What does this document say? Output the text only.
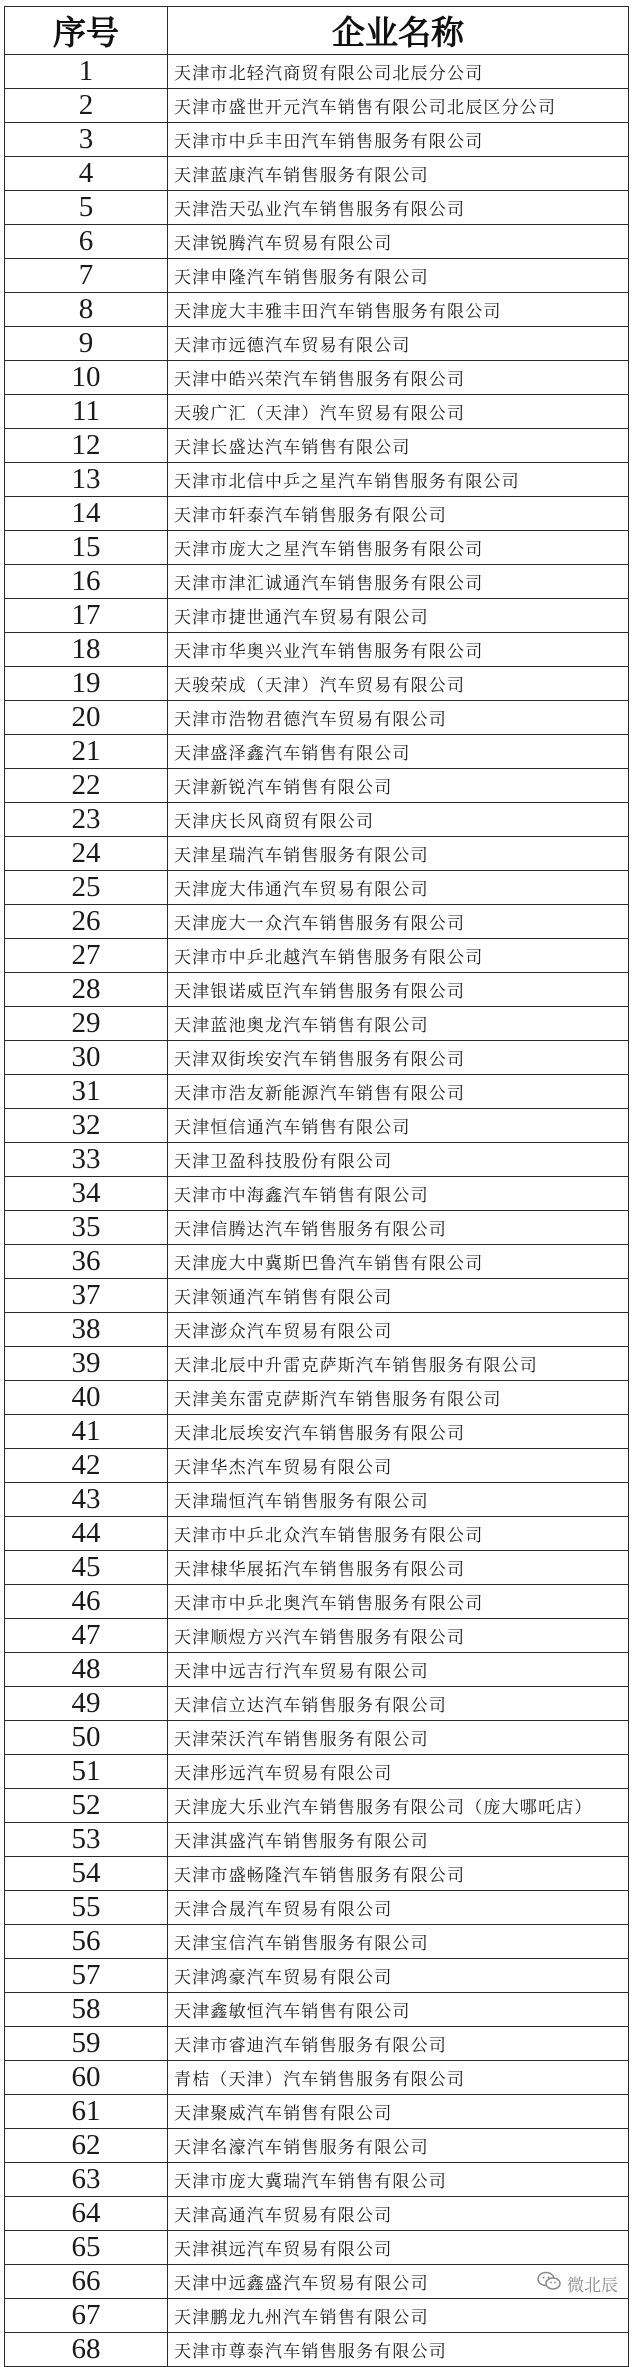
序号	企业名称
1	天津市北轻汽商贸有限公司北辰分公司
2	天津市盛世开元汽车销售有限公司北辰区分公司
3	天津市中乒丰田汽车销售服务有限公司
4	天津蓝康汽车销售服务有限公司
5	天津浩天弘业汽车销售服务有限公司
6	天津锐腾汽车贸易有限公司
7	天津申隆汽车销售服务有限公司
8	天津庞大丰雅丰田汽车销售服务有限公司
9	天津市远德汽车贸易有限公司
10	天津中皓兴荣汽车销售服务有限公司
11	天骏广汇（天津）汽车贸易有限公司
12	天津长盛达汽车销售有限公司
13	天津市北信中乒之星汽车销售服务有限公司
14	天津市轩泰汽车销售服务有限公司
15	天津市庞大之星汽车销售服务有限公司
16	天津市津汇诚通汽车销售服务有限公司
17	天津市捷世通汽车贸易有限公司
18	天津市华奥兴业汽车销售服务有限公司
19	天骏荣成（天津）汽车贸易有限公司
20	天津市浩物君德汽车贸易有限公司
21	天津盛泽鑫汽车销售有限公司
22	天津新锐汽车销售有限公司
23	天津庆长风商贸有限公司
24	天津星瑞汽车销售服务有限公司
25	天津庞大伟通汽车贸易有限公司
26	天津庞大一众汽车销售服务有限公司
27	天津市中乒北越汽车销售服务有限公司
28	天津银诺威臣汽车销售服务有限公司
29	天津蓝池奥龙汽车销售有限公司
30	天津双街埃安汽车销售服务有限公司
31	天津市浩友新能源汽车销售有限公司
32	天津恒信通汽车销售有限公司
33	天津卫盈科技股份有限公司
34	天津市中海鑫汽车销售有限公司
35	天津信腾达汽车销售服务有限公司
36	天津庞大中冀斯巴鲁汽车销售有限公司
37	天津领通汽车销售有限公司
38	天津澎众汽车贸易有限公司
39	天津北辰中升雷克萨斯汽车销售服务有限公司
40	天津美东雷克萨斯汽车销售服务有限公司
41	天津北辰埃安汽车销售服务有限公司
42	天津华杰汽车贸易有限公司
43	天津瑞恒汽车销售服务有限公司
44	天津市中乒北众汽车销售服务有限公司
45	天津棣华展拓汽车销售服务有限公司
46	天津市中乒北奥汽车销售服务有限公司
47	天津顺煜方兴汽车销售服务有限公司
48	天津中远吉行汽车贸易有限公司
49	天津信立达汽车销售服务有限公司
50	天津荣沃汽车销售服务有限公司
51	天津彤远汽车贸易有限公司
52	天津庞大乐业汽车销售服务有限公司（庞大哪吒店）
53	天津淇盛汽车销售服务有限公司
54	天津市盛畅隆汽车销售服务有限公司
55	天津合晟汽车贸易有限公司
56	天津宝信汽车销售服务有限公司
57	天津鸿豪汽车贸易有限公司
58	天津鑫敏恒汽车销售有限公司
59	天津市睿迪汽车销售服务有限公司
60	青桔（天津）汽车销售服务有限公司
61	天津聚威汽车销售有限公司
62	天津名濠汽车销售服务有限公司
63	天津市庞大冀瑞汽车销售有限公司
64	天津高通汽车贸易有限公司
65	天津祺远汽车贸易有限公司
66	天津中远鑫盛汽车贸易有限公司
67	天津鹏龙九州汽车销售有限公司
68	天津市尊泰汽车销售服务有限公司
微北辰
